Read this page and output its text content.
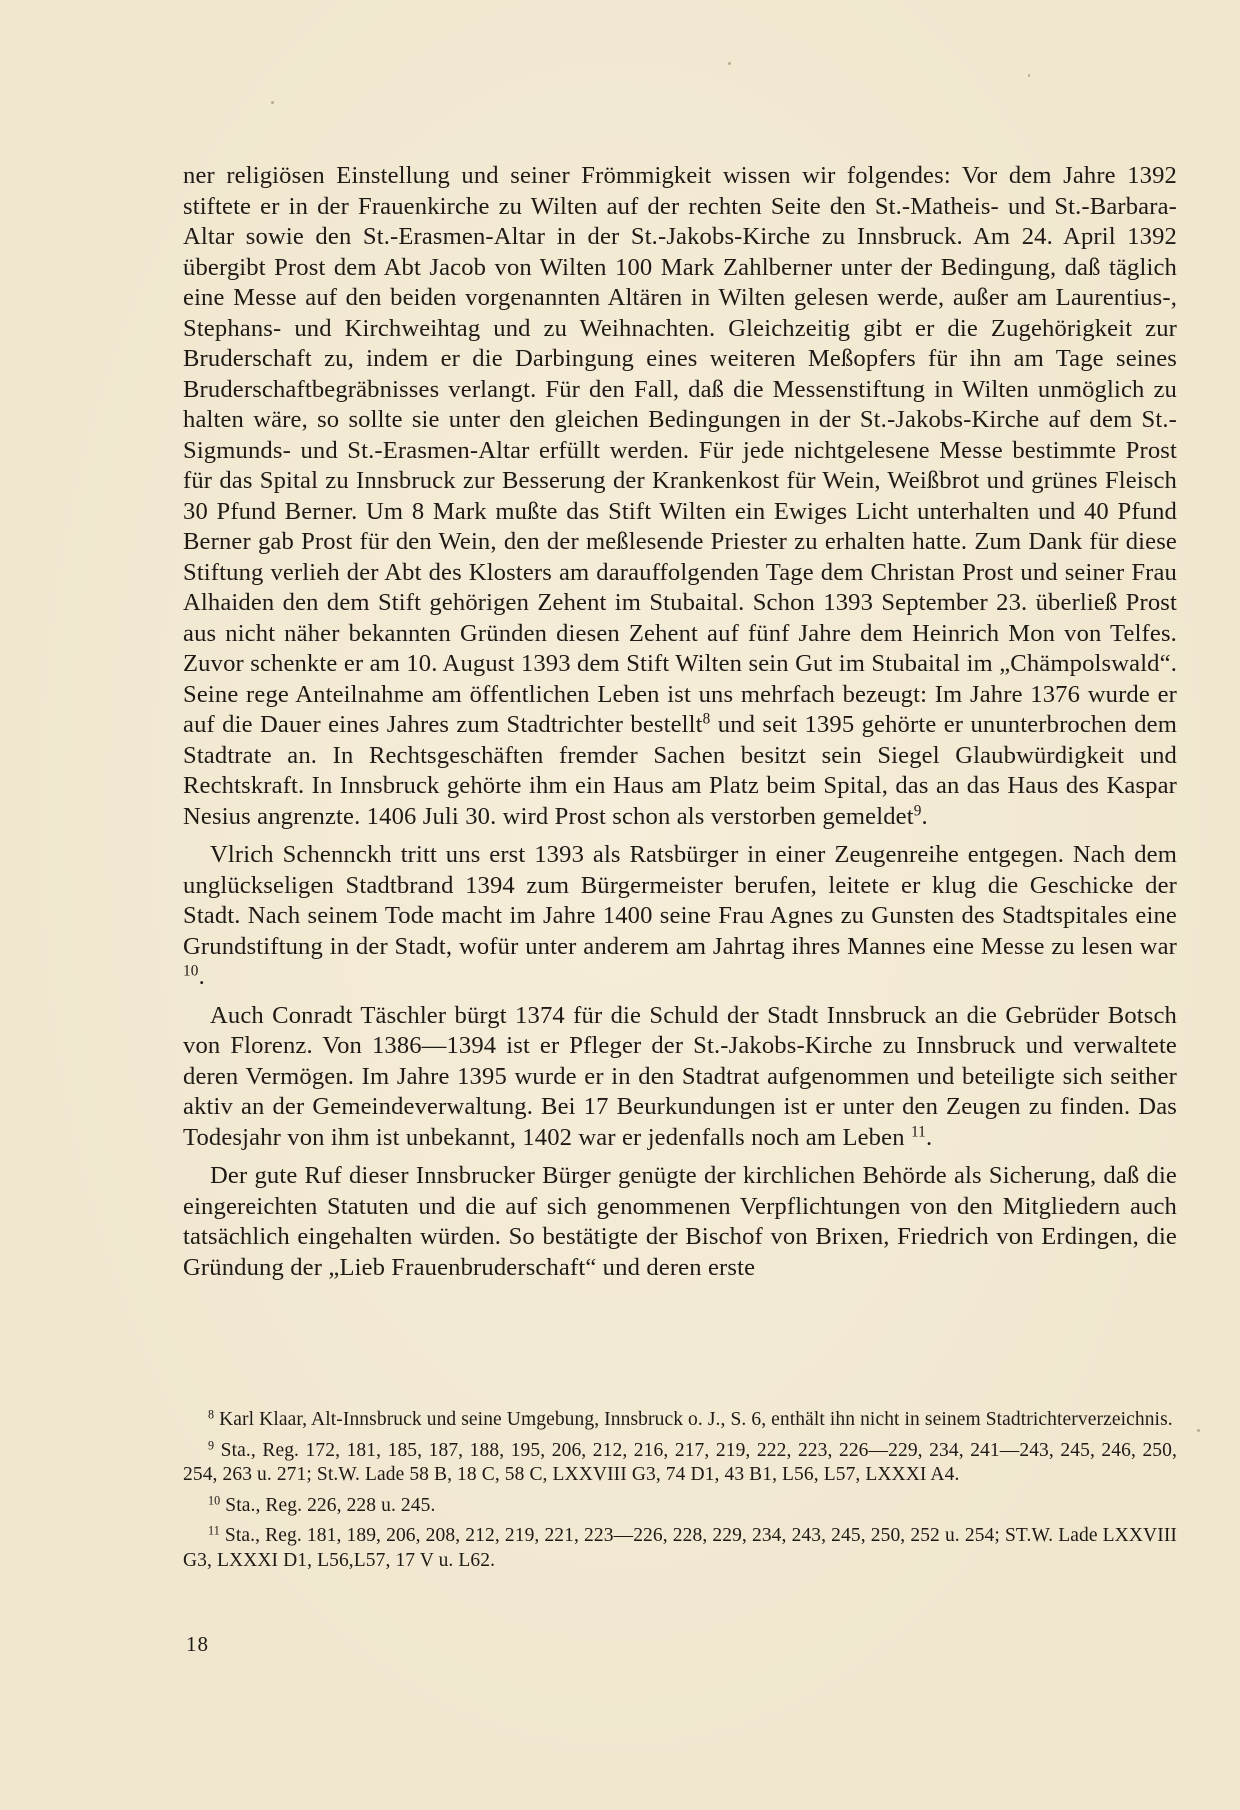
ner religiösen Einstellung und seiner Frömmigkeit wissen wir folgendes: Vor dem Jahre 1392 stiftete er in der Frauenkirche zu Wilten auf der rechten Seite den St.-Matheis- und St.-Barbara-Altar sowie den St.-Erasmen-Altar in der St.-Jakobs-Kirche zu Innsbruck. Am 24. April 1392 übergibt Prost dem Abt Jacob von Wilten 100 Mark Zahlberner unter der Bedingung, daß täglich eine Messe auf den beiden vorgenannten Altären in Wilten gelesen werde, außer am Laurentius-, Stephans- und Kirchweihtag und zu Weihnachten. Gleichzeitig gibt er die Zugehörigkeit zur Bruderschaft zu, indem er die Darbingung eines weiteren Meßopfers für ihn am Tage seines Bruderschaftbegräbnisses verlangt. Für den Fall, daß die Messenstiftung in Wilten unmöglich zu halten wäre, so sollte sie unter den gleichen Bedingungen in der St.-Jakobs-Kirche auf dem St.-Sigmunds- und St.-Erasmen-Altar erfüllt werden. Für jede nichtgelesene Messe bestimmte Prost für das Spital zu Innsbruck zur Besserung der Krankenkost für Wein, Weißbrot und grünes Fleisch 30 Pfund Berner. Um 8 Mark mußte das Stift Wilten ein Ewiges Licht unterhalten und 40 Pfund Berner gab Prost für den Wein, den der meßlesende Priester zu erhalten hatte. Zum Dank für diese Stiftung verlieh der Abt des Klosters am darauffolgenden Tage dem Christan Prost und seiner Frau Alhaiden den dem Stift gehörigen Zehent im Stubaital. Schon 1393 September 23. überließ Prost aus nicht näher bekannten Gründen diesen Zehent auf fünf Jahre dem Heinrich Mon von Telfes. Zuvor schenkte er am 10. August 1393 dem Stift Wilten sein Gut im Stubaital im „Chämpolswald“. Seine rege Anteilnahme am öffentlichen Leben ist uns mehrfach bezeugt: Im Jahre 1376 wurde er auf die Dauer eines Jahres zum Stadtrichter bestellt$^8$ und seit 1395 gehörte er ununterbrochen dem Stadtrate an. In Rechtsgeschäften fremder Sachen besitzt sein Siegel Glaubwürdigkeit und Rechtskraft. In Innsbruck gehörte ihm ein Haus am Platz beim Spital, das an das Haus des Kaspar Nesius angrenzte. 1406 Juli 30. wird Prost schon als verstorben gemeldet$^9$.

Vlrich Schennckh tritt uns erst 1393 als Ratsbürger in einer Zeugenreihe entgegen. Nach dem unglückseligen Stadtbrand 1394 zum Bürgermeister berufen, leitete er klug die Geschicke der Stadt. Nach seinem Tode macht im Jahre 1400 seine Frau Agnes zu Gunsten des Stadtspitales eine Grundstiftung in der Stadt, wofür unter anderem am Jahrtag ihres Mannes eine Messe zu lesen war $^{10}$.

Auch Conradt Täschler bürgt 1374 für die Schuld der Stadt Innsbruck an die Gebrüder Botsch von Florenz. Von 1386—1394 ist er Pfleger der St.-Jakobs-Kirche zu Innsbruck und verwaltete deren Vermögen. Im Jahre 1395 wurde er in den Stadtrat aufgenommen und beteiligte sich seither aktiv an der Gemeindeverwaltung. Bei 17 Beurkundungen ist er unter den Zeugen zu finden. Das Todesjahr von ihm ist unbekannt, 1402 war er jedenfalls noch am Leben $^{11}$.

Der gute Ruf dieser Innsbrucker Bürger genügte der kirchlichen Behörde als Sicherung, daß die eingereichten Statuten und die auf sich genommenen Verpflichtungen von den Mitgliedern auch tatsächlich eingehalten würden. So bestätigte der Bischof von Brixen, Friedrich von Erdingen, die Gründung der „Lieb Frauenbruderschaft“ und deren erste

$^8$ Karl Klaar, Alt-Innsbruck und seine Umgebung, Innsbruck o. J., S. 6, enthält ihn nicht in seinem Stadtrichterverzeichnis.

$^9$ Sta., Reg. 172, 181, 185, 187, 188, 195, 206, 212, 216, 217, 219, 222, 223, 226—229, 234, 241—243, 245, 246, 250, 254, 263 u. 271; St.W. Lade 58 B, 18 C, 58 C, LXXVIII G3, 74 D1, 43 B1, L56, L57, LXXXI A4.

$^{10}$ Sta., Reg. 226, 228 u. 245.

$^{11}$ Sta., Reg. 181, 189, 206, 208, 212, 219, 221, 223—226, 228, 229, 234, 243, 245, 250, 252 u. 254; ST.W. Lade LXXVIII G3, LXXXI D1, L56,L57, 17 V u. L62.

18
